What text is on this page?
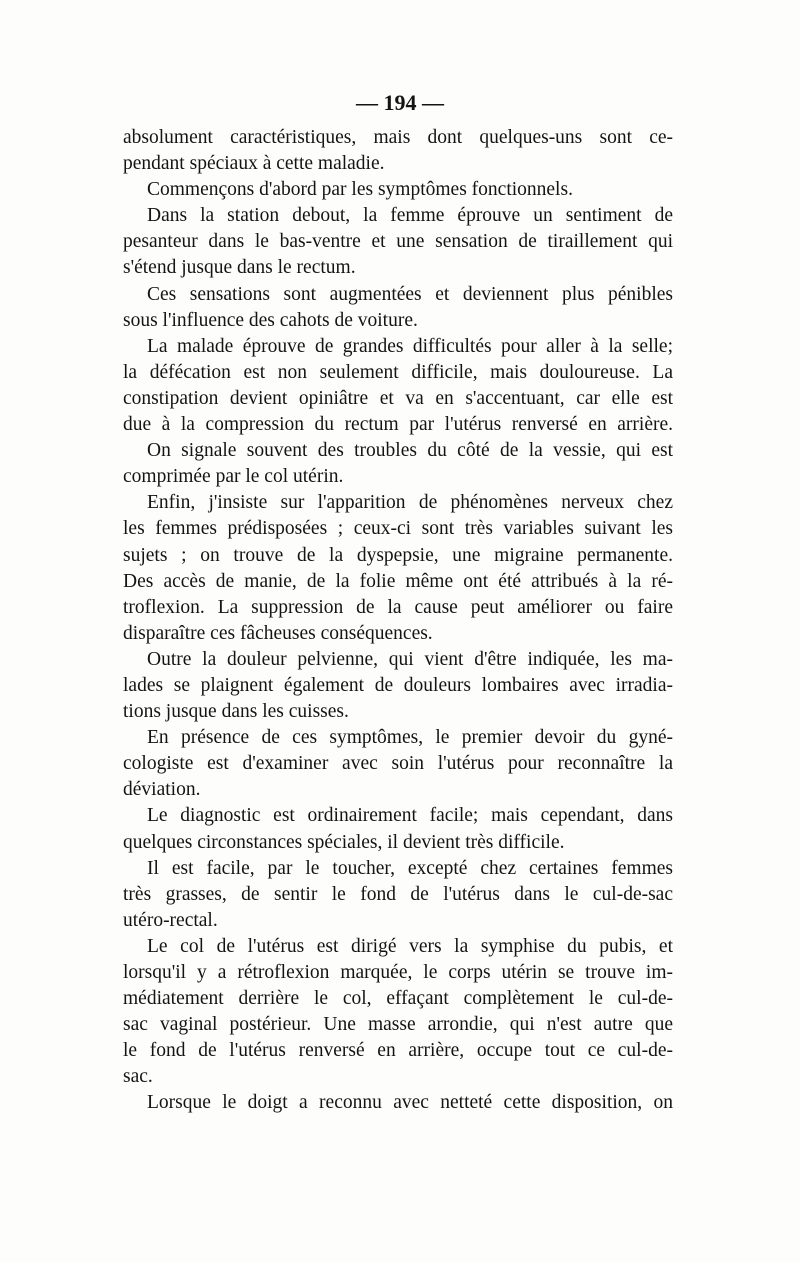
— 194 —
absolument caractéristiques, mais dont quelques-uns sont ce-
pendant spéciaux à cette maladie.
Commençons d'abord par les symptômes fonctionnels.
Dans la station debout, la femme éprouve un sentiment de
pesanteur dans le bas-ventre et une sensation de tiraillement qui
s'étend jusque dans le rectum.
Ces sensations sont augmentées et deviennent plus pénibles
sous l'influence des cahots de voiture.
La malade éprouve de grandes difficultés pour aller à la selle;
la défécation est non seulement difficile, mais douloureuse. La
constipation devient opiniâtre et va en s'accentuant, car elle est
due à la compression du rectum par l'utérus renversé en arrière.
On signale souvent des troubles du côté de la vessie, qui est
comprimée par le col utérin.
Enfin, j'insiste sur l'apparition de phénomènes nerveux chez
les femmes prédisposées ; ceux-ci sont très variables suivant les
sujets ; on trouve de la dyspepsie, une migraine permanente.
Des accès de manie, de la folie même ont été attribués à la ré-
troflexion. La suppression de la cause peut améliorer ou faire
disparaître ces fâcheuses conséquences.
Outre la douleur pelvienne, qui vient d'être indiquée, les ma-
lades se plaignent également de douleurs lombaires avec irradia-
tions jusque dans les cuisses.
En présence de ces symptômes, le premier devoir du gyné-
cologiste est d'examiner avec soin l'utérus pour reconnaître la
déviation.
Le diagnostic est ordinairement facile; mais cependant, dans
quelques circonstances spéciales, il devient très difficile.
Il est facile, par le toucher, excepté chez certaines femmes
très grasses, de sentir le fond de l'utérus dans le cul-de-sac
utéro-rectal.
Le col de l'utérus est dirigé vers la symphise du pubis, et
lorsqu'il y a rétroflexion marquée, le corps utérin se trouve im-
médiatement derrière le col, effaçant complètement le cul-de-
sac vaginal postérieur. Une masse arrondie, qui n'est autre que
le fond de l'utérus renversé en arrière, occupe tout ce cul-de-
sac.
Lorsque le doigt a reconnu avec netteté cette disposition, on
